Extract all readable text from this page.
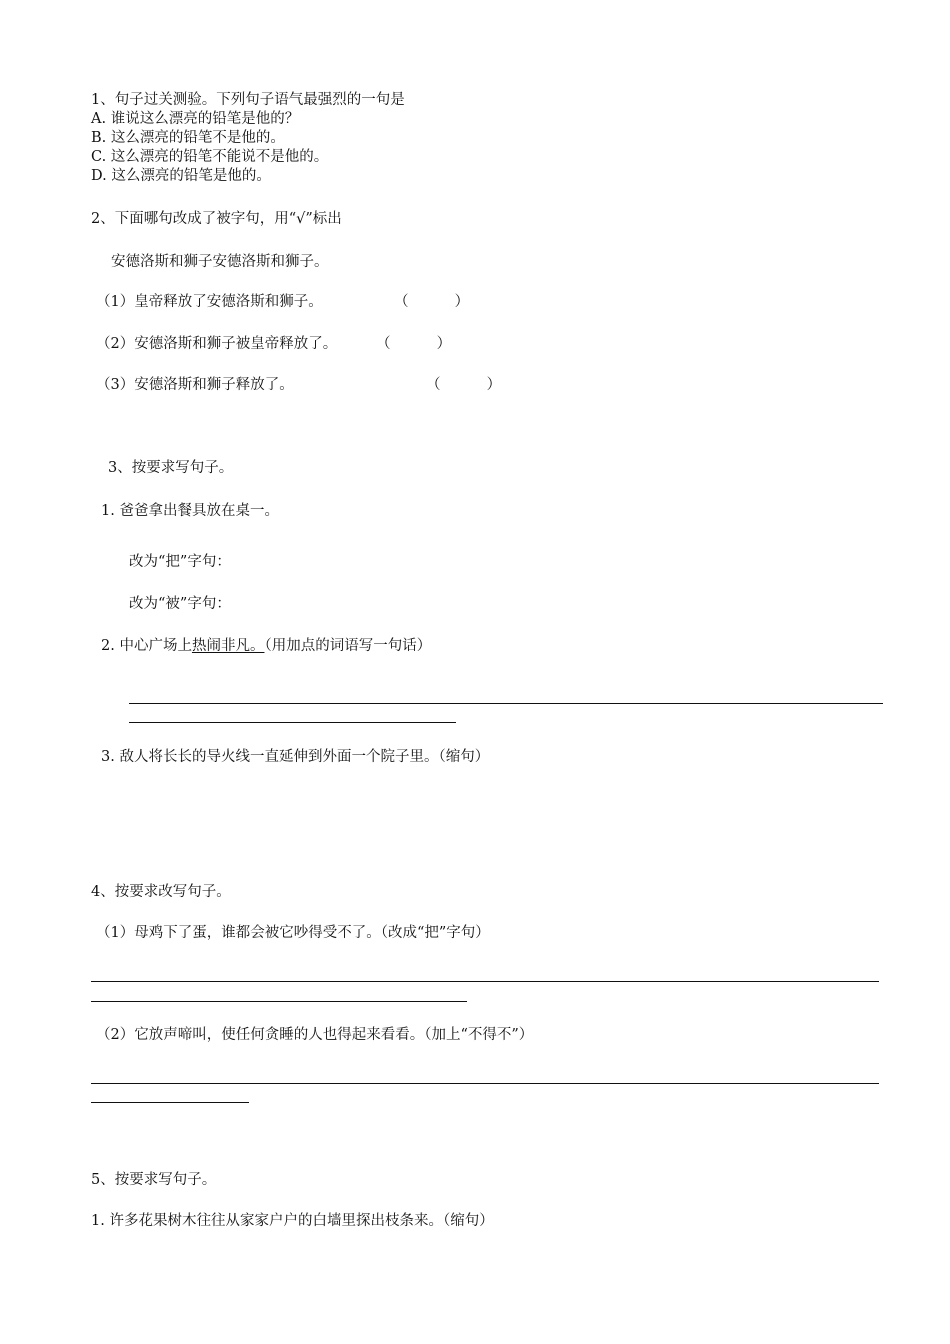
1、句子过关测验。下列句子语气最强烈的一句是
A. 谁说这么漂亮的铅笔是他的？
B. 这么漂亮的铅笔不是他的。
C. 这么漂亮的铅笔不能说不是他的。
D. 这么漂亮的铅笔是他的。
2、下面哪句改成了被字句，用“√”标出
安德洛斯和狮子安德洛斯和狮子。
（1）皇帝释放了安德洛斯和狮子。	（          ）
（2）安德洛斯和狮子被皇帝释放了。	（          ）
（3）安德洛斯和狮子释放了。	（          ）
3、按要求写句子。
1. 爸爸拿出餐具放在桌一。
改为“把”字句：
改为“被”字句：
2. 中心广场上热闹非凡。（用加点的词语写一句话）
3. 敌人将长长的导火线一直延伸到外面一个院子里。（缩句）
4、按要求改写句子。
（1）母鸡下了蛋，谁都会被它吵得受不了。（改成“把”字句）
（2）它放声啼叫，使任何贪睡的人也得起来看看。（加上“不得不”）
5、按要求写句子。
1. 许多花果树木往往从家家户户的白墙里探出枝条来。（缩句）
